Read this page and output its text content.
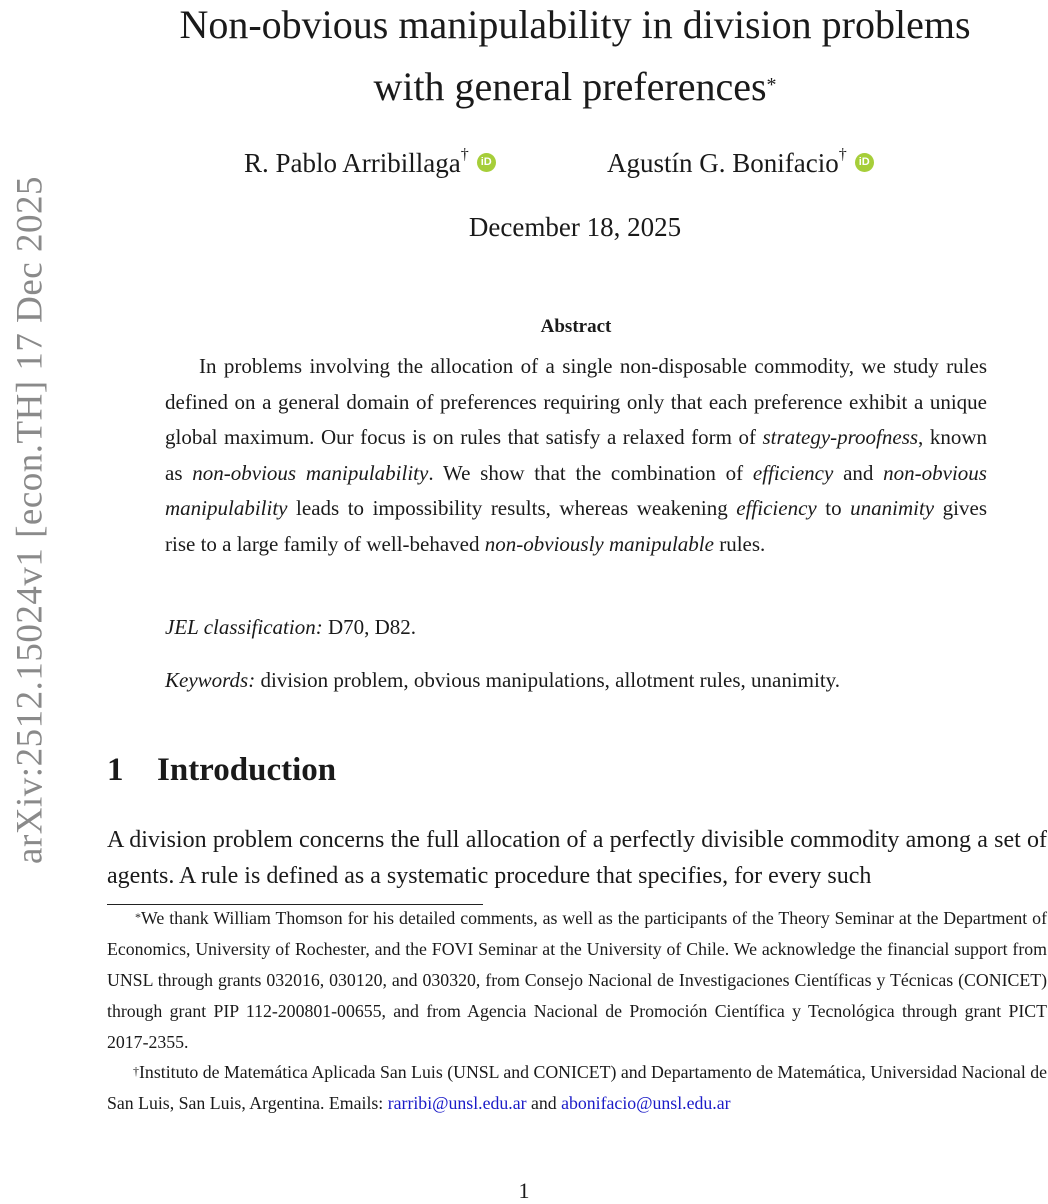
arXiv:2512.15024v1 [econ.TH] 17 Dec 2025
Non-obvious manipulability in division problems
with general preferences*
R. Pablo Arribillaga† iD	Agustín G. Bonifacio† iD
December 18, 2025
Abstract
In problems involving the allocation of a single non-disposable commodity, we study rules defined on a general domain of preferences requiring only that each preference exhibit a unique global maximum. Our focus is on rules that satisfy a relaxed form of strategy-proofness, known as non-obvious manipulability. We show that the combination of efficiency and non-obvious manipulability leads to impossibility results, whereas weakening efficiency to unanimity gives rise to a large family of well-behaved non-obviously manipulable rules.
JEL classification: D70, D82.
Keywords: division problem, obvious manipulations, allotment rules, unanimity.
1 Introduction
A division problem concerns the full allocation of a perfectly divisible commodity among a set of agents. A rule is defined as a systematic procedure that specifies, for every such
*We thank William Thomson for his detailed comments, as well as the participants of the Theory Seminar at the Department of Economics, University of Rochester, and the FOVI Seminar at the University of Chile. We acknowledge the financial support from UNSL through grants 032016, 030120, and 030320, from Consejo Nacional de Investigaciones Científicas y Técnicas (CONICET) through grant PIP 112-200801-00655, and from Agencia Nacional de Promoción Científica y Tecnológica through grant PICT 2017-2355.
†Instituto de Matemática Aplicada San Luis (UNSL and CONICET) and Departamento de Matemática, Universidad Nacional de San Luis, San Luis, Argentina. Emails: rarribi@unsl.edu.ar and abonifacio@unsl.edu.ar
1
